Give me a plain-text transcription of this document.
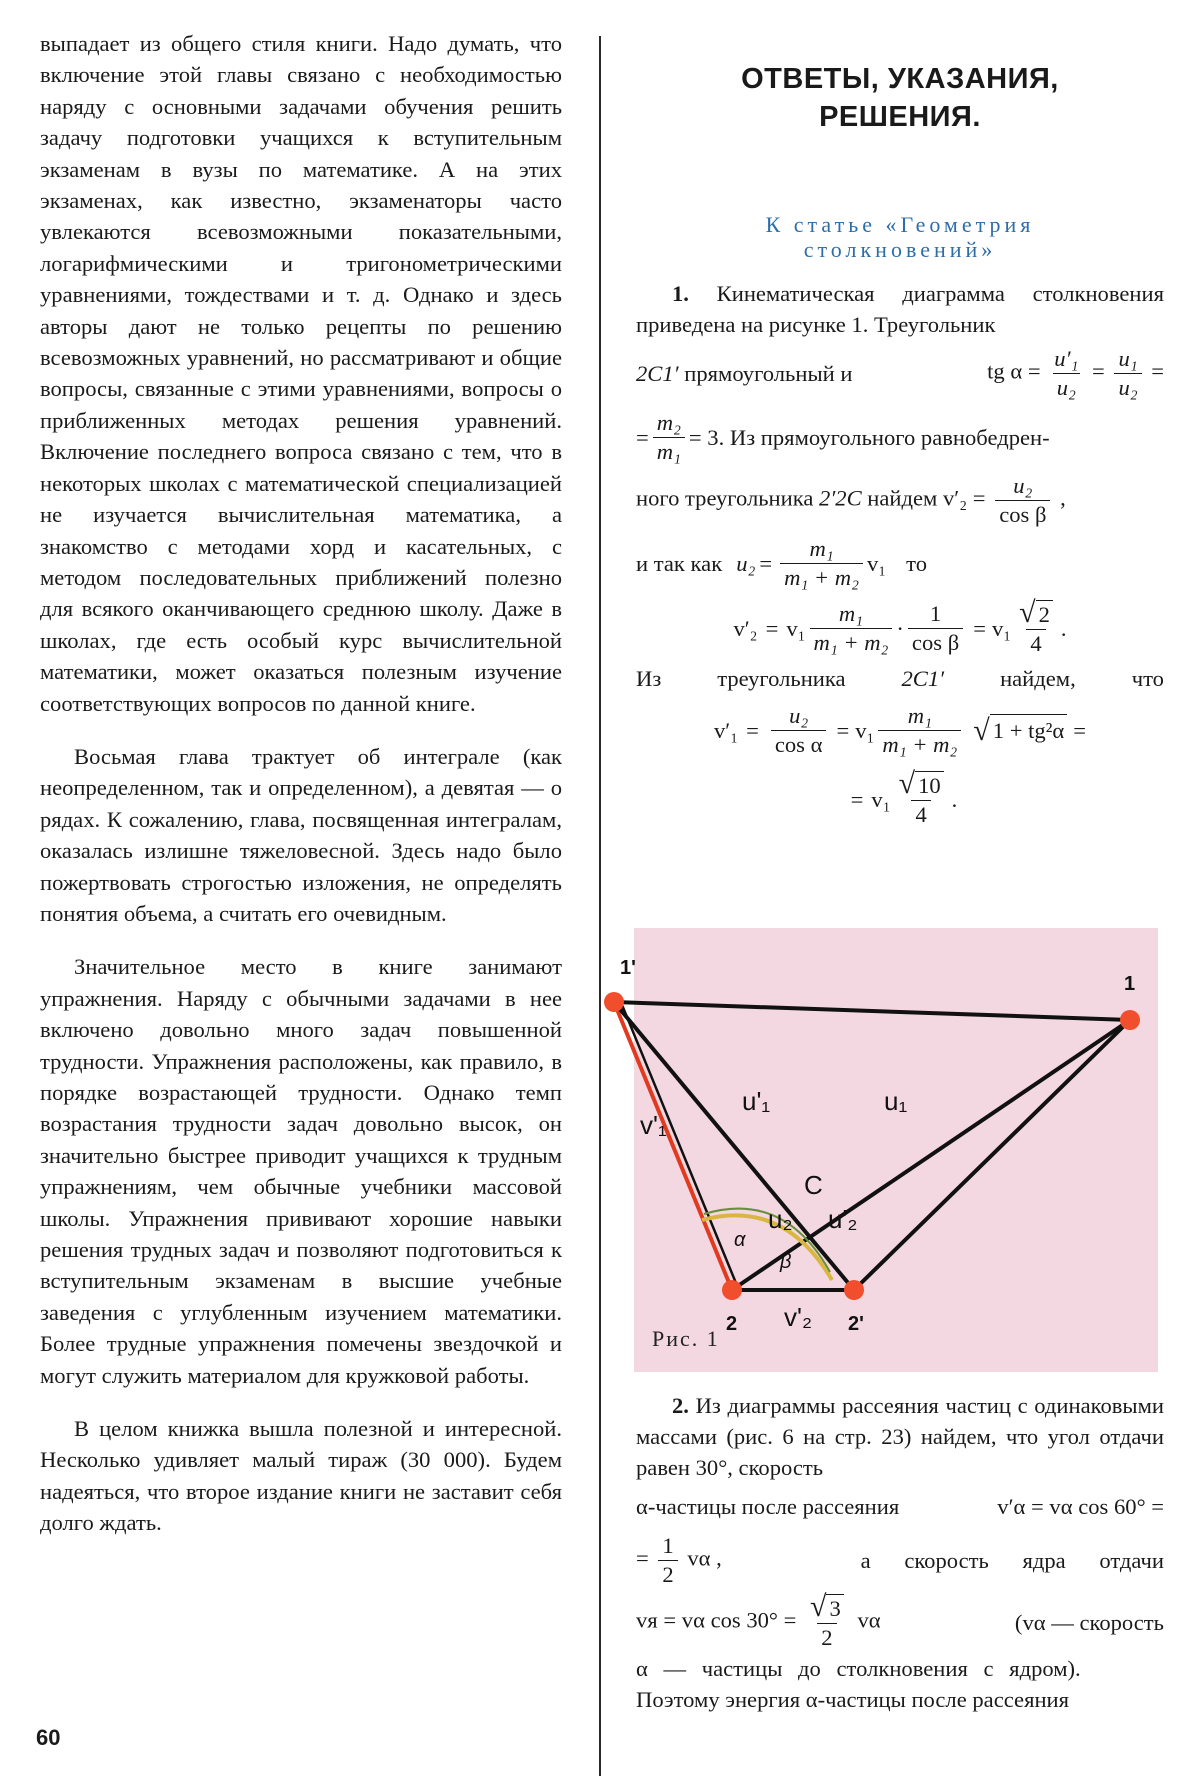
выпадает из общего стиля книги. Надо думать, что включение этой главы связано с необходимостью наряду с основными задачами обучения решить задачу подготовки учащихся к вступительным экзаменам в вузы по математике. А на этих экзаменах, как известно, экзаменаторы часто увлекаются всевозможными показательными, логарифмическими и тригонометрическими уравнениями, тождествами и т. д. Однако и здесь авторы дают не только рецепты по решению всевозможных уравнений, но рассматривают и общие вопросы, связанные с этими уравнениями, вопросы о приближенных методах решения уравнений. Включение последнего вопроса связано с тем, что в некоторых школах с математической специализацией не изучается вычислительная математика, а знакомство с методами хорд и касательных, с методом последовательных приближений полезно для всякого оканчивающего среднюю школу. Даже в школах, где есть особый курс вычислительной математики, может оказаться полезным изучение соответствующих вопросов по данной книге.

Восьмая глава трактует об интеграле (как неопределенном, так и определенном), а девятая — о рядах. К сожалению, глава, посвященная интегралам, оказалась излишне тяжеловесной. Здесь надо было пожертвовать строгостью изложения, не определять понятия объема, а считать его очевидным.

Значительное место в книге занимают упражнения. Наряду с обычными задачами в нее включено довольно много задач повышенной трудности. Упражнения расположены, как правило, в порядке возрастающей трудности. Однако темп возрастания трудности задач довольно высок, он значительно быстрее приводит учащихся к трудным упражнениям, чем обычные учебники массовой школы. Упражнения прививают хорошие навыки решения трудных задач и позволяют подготовиться к вступительным экзаменам в высшие учебные заведения с углубленным изучением математики. Более трудные упражнения помечены звездочкой и могут служить материалом для кружковой работы.

В целом книжка вышла полезной и интересной. Несколько удивляет малый тираж (30 000). Будем надеяться, что второе издание книги не заставит себя долго ждать.

60
ОТВЕТЫ, УКАЗАНИЯ,
РЕШЕНИЯ.
К статье «Геометрия
столкновений»

1. Кинематическая диаграмма столкновения приведена на рисунке 1. Треугольник

2C1′ прямоугольный и	tg $\alpha = \frac{\text{u′₁}}{\text{u₂}} = \frac{\text{u₁}}{\text{u₂}}$ =
= $\frac{\text{m₂}}{\text{m₁}} = 3$. Из прямоугольного равнобедрен-
ного треугольника 2′2C найдем $v'_2 = \frac{\text{u₂}}{\text{cos β}}$ ,
и так как $u_2 = \frac{\text{m₁}}{\text{m₁ + m₂}} v_1$ то
$v'_2 = v_1 \frac{\text{m₁}}{\text{m₁ + m₂}} \cdot \frac{1}{\text{cos β}} = v_1 \frac{√ 2}{4}$ .
Из треугольника 2C1′ найдем, что
$v'_1 = \frac{\text{u₂}}{\text{cos α}} = v_1 \frac{\text{m₁}}{\text{m₁ + m₂}}$ √ 1 + tg²α =
= $v_1 \frac{√ 10}{4}$ .
1'
1
2	2'
u'₁	u₁
v'₁
C
u₂ u'₂
α
β
v'₂
Рис. 1

2. Из диаграммы рассеяния частиц с одинаковыми массами (рис. 6 на стр. 23) найдем, что угол отдачи равен 30°, скорость

α-частицы после рассеяния	v′α = vα cos 60° =
= $\frac{1}{2}$ vα ,	а скорость ядра отдачи
vя = vα $\cos 30^\circ = \frac{√ 3}{2}$ vα	(vα — скорость

α — частицы до столкновения с ядром).

Поэтому энергия α-частицы после рассеяния
